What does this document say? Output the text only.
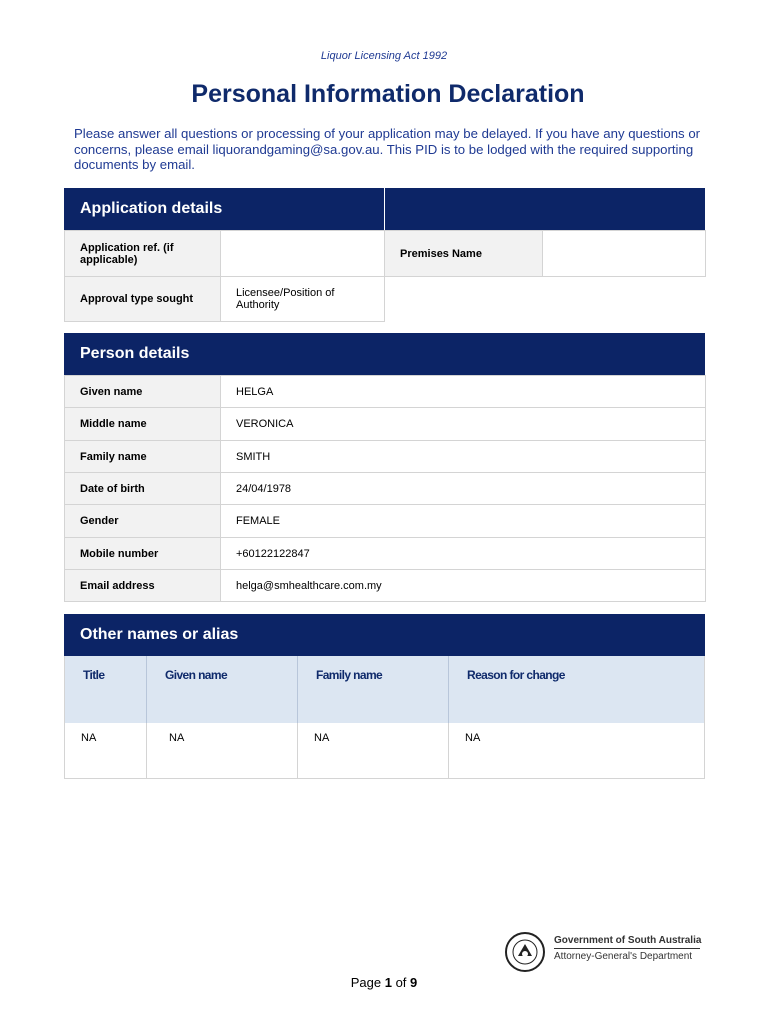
Liquor Licensing Act 1992
Personal Information Declaration
Please answer all questions or processing of your application may be delayed. If you have any questions or concerns, please email liquorandgaming@sa.gov.au. This PID is to be lodged with the required supporting documents by email.
Application details
Application ref. (if applicable)		Premises Name	
Approval type sought	Licensee/Position of Authority
Person details
Given name	HELGA
Middle name	VERONICA
Family name	SMITH
Date of birth	24/04/1978
Gender	FEMALE
Mobile number	+60122122847
Email address	helga@smhealthcare.com.my
Other names or alias
Title	Given name	Family name	Reason for change
NA	NA	NA	NA
Government of South Australia
Attorney-General's Department
Page 1 of 9
